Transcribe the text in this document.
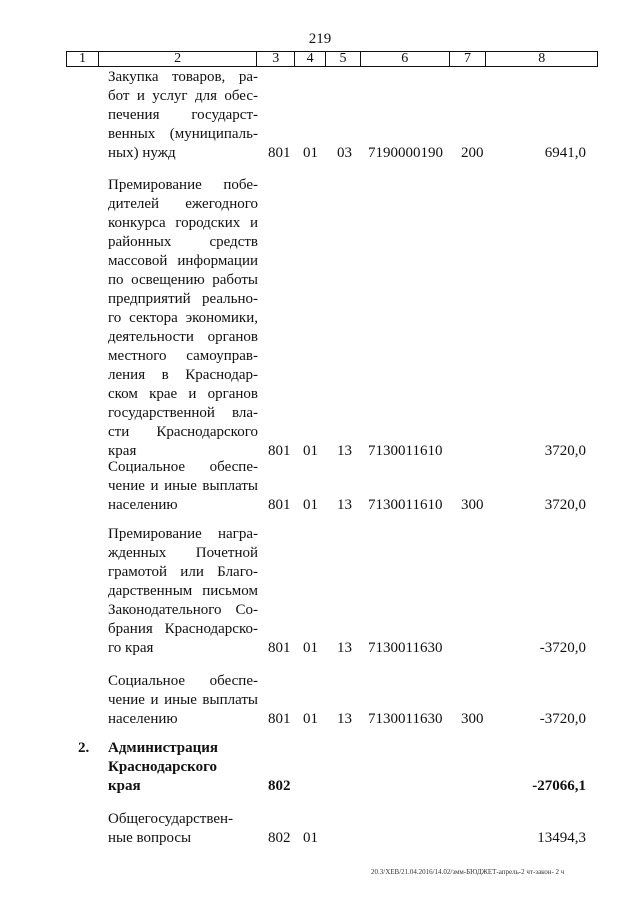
219
1	2	3	4	5	6	7	8
Закупка товаров, ра-
бот и услуг для обес-
печения государст-
венных (муниципаль-
ных) нужд	801 01 03 7190000190 200	6941,0
Премирование побе-
дителей ежегодного
конкурса городских и
районных средств
массовой информации
по освещению работы
предприятий реально-
го сектора экономики,
деятельности органов
местного самоуправ-
ления в Краснодар-
ском крае и органов
государственной вла-
сти Краснодарского
края	801 01 13 7130011610	3720,0
Социальное обеспе-
чение и иные выплаты
населению	801 01 13 7130011610 300	3720,0
Премирование награ-
жденных Почетной
грамотой или Благо-
дарственным письмом
Законодательного Со-
брания Краснодарско-
го края	801 01 13 7130011630	-3720,0
Социальное обеспе-
чение и иные выплаты
населению	801 01 13 7130011630 300	-3720,0
2. Администрация
Краснодарского
края	802	-27066,1
Общегосударствен-
ные вопросы	802 01	13494,3
20.3/ХЕВ/21.04.2016/14.02/змм-БЮДЖЕТ-апрель-2 чт-закон- 2 ч
